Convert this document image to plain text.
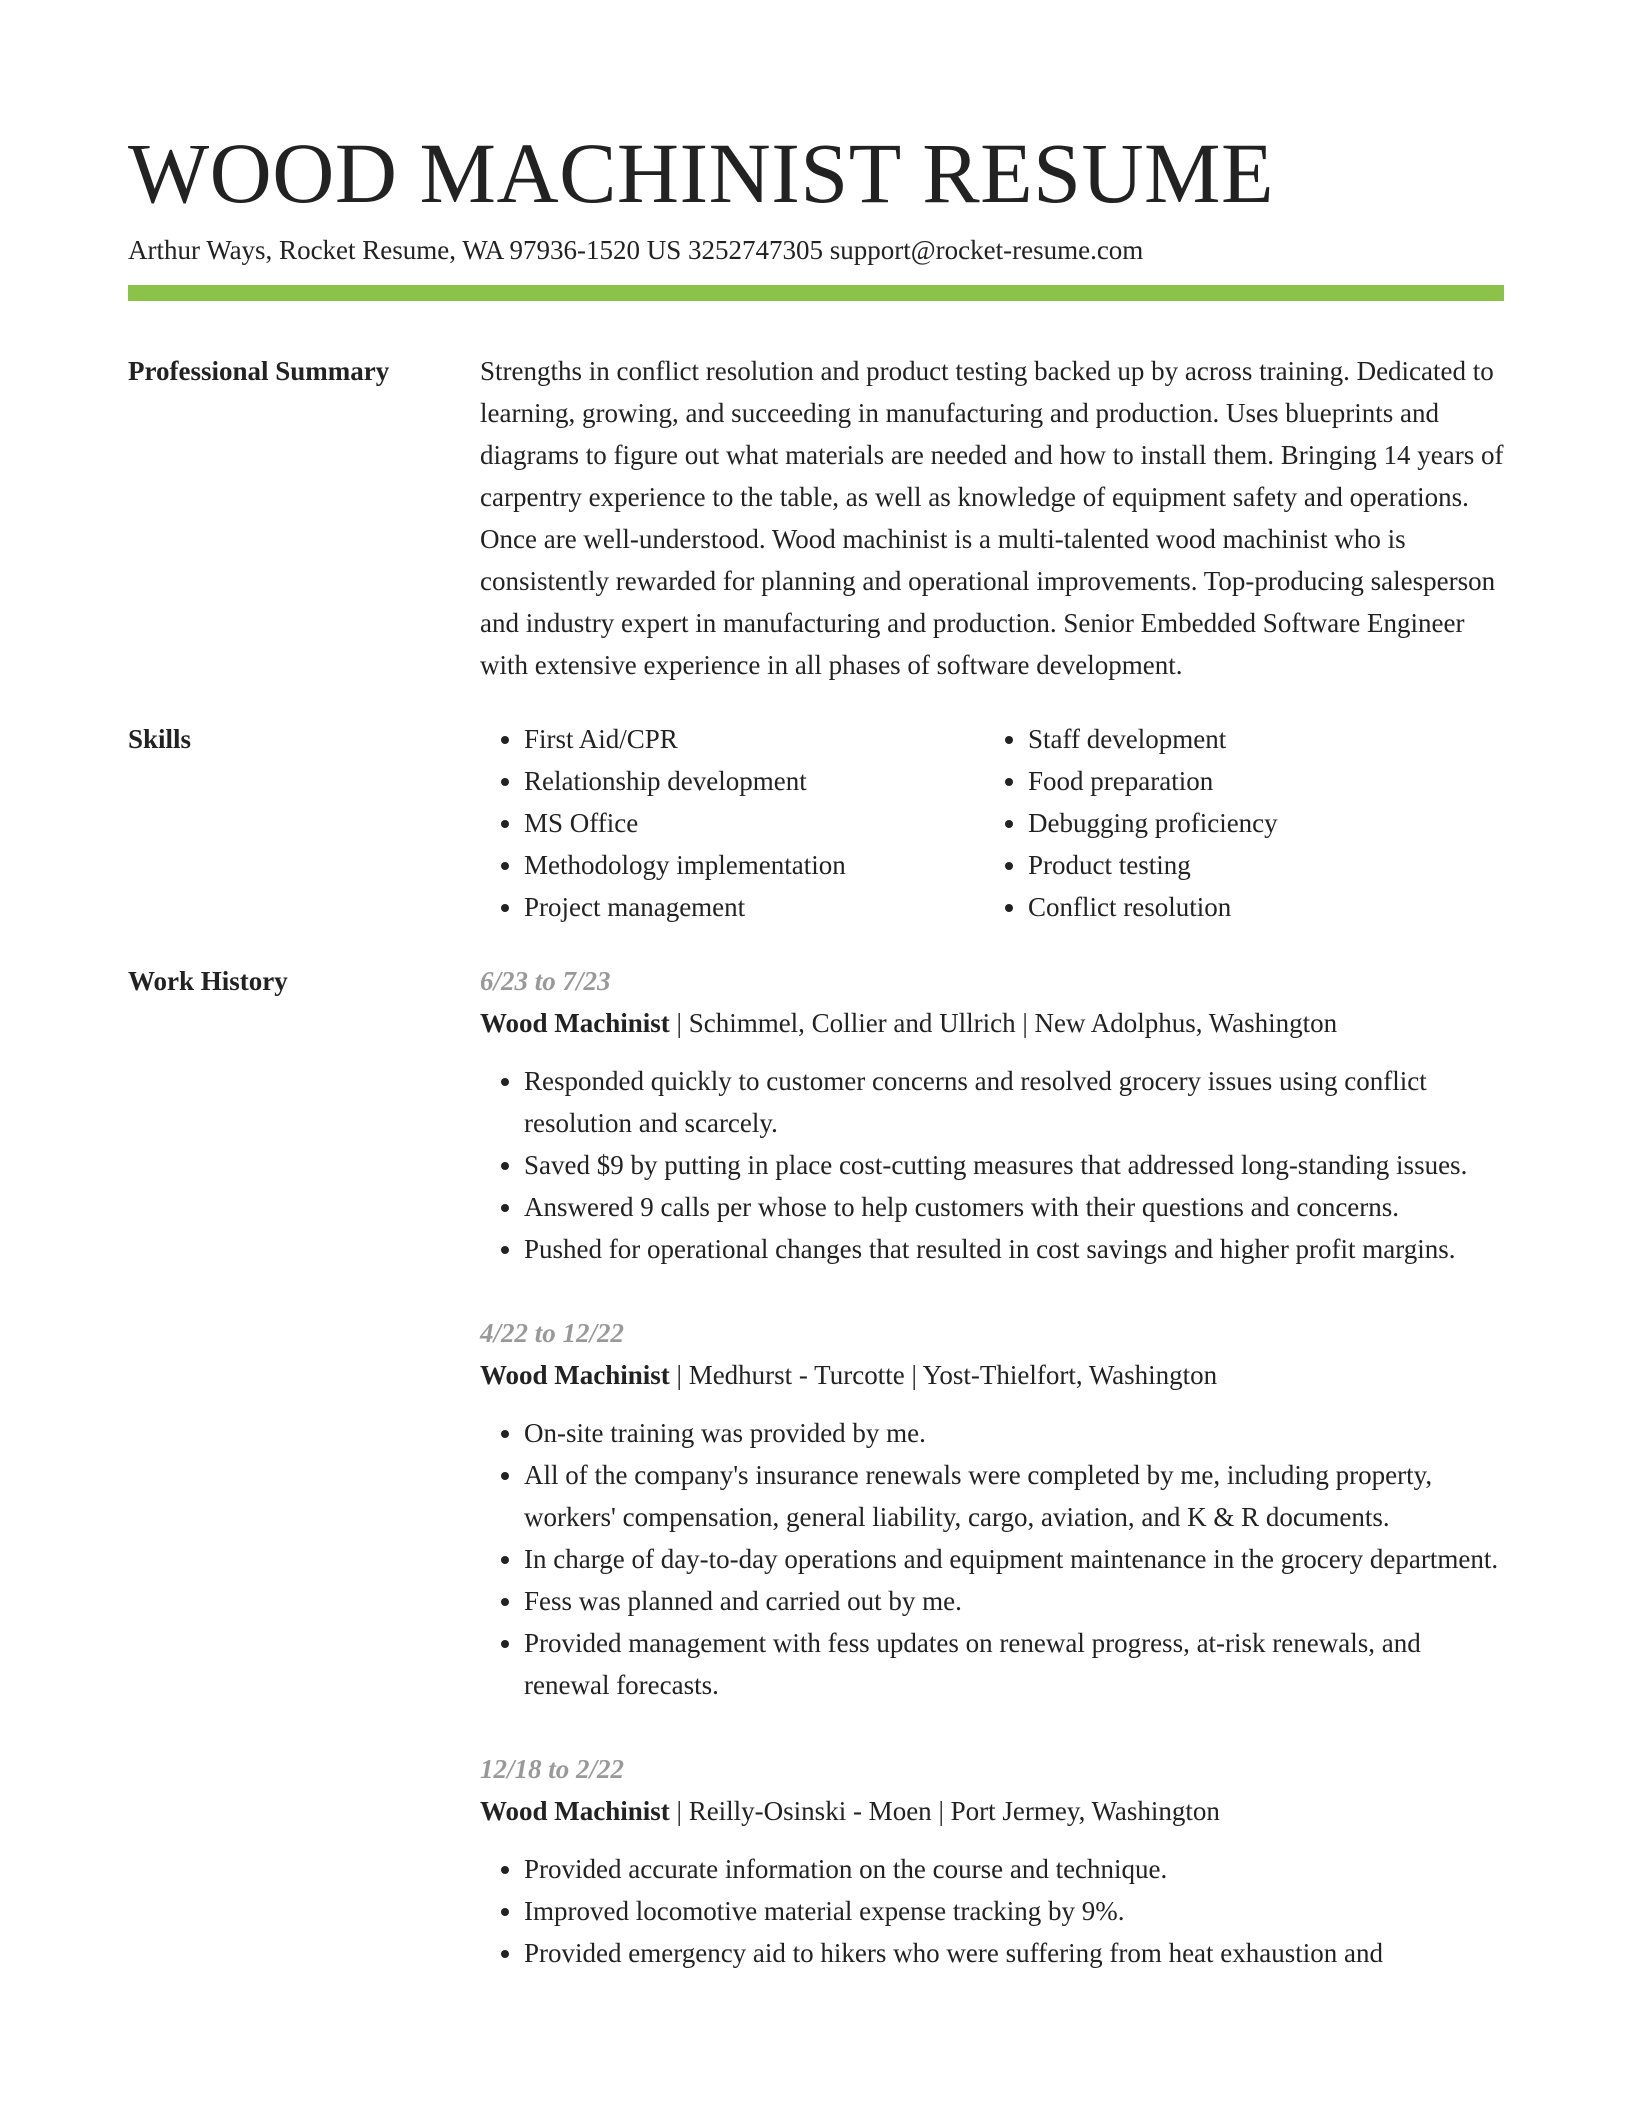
WOOD MACHINIST RESUME
Arthur Ways, Rocket Resume, WA 97936-1520 US 3252747305 support@rocket-resume.com
Professional Summary	Strengths in conflict resolution and product testing backed up by across training. Dedicated to learning, growing, and succeeding in manufacturing and production. Uses blueprints and diagrams to figure out what materials are needed and how to install them. Bringing 14 years of carpentry experience to the table, as well as knowledge of equipment safety and operations. Once are well-understood. Wood machinist is a multi-talented wood machinist who is consistently rewarded for planning and operational improvements. Top-producing salesperson and industry expert in manufacturing and production. Senior Embedded Software Engineer with extensive experience in all phases of software development.

Skills
•	First Aid/CPR
• Relationship development
• MS Office
• Methodology implementation
• Project management
• Staff development
• Food preparation
• Debugging proficiency
• Product testing
• Conflict resolution
Work History	6/23 to 7/23
Wood Machinist | Schimmel, Collier and Ullrich | New Adolphus, Washington
• Responded quickly to customer concerns and resolved grocery issues using conflict resolution and scarcely.
• Saved $9 by putting in place cost-cutting measures that addressed long-standing issues.
• Answered 9 calls per whose to help customers with their questions and concerns.
• Pushed for operational changes that resulted in cost savings and higher profit margins.
4/22 to 12/22
Wood Machinist | Medhurst - Turcotte | Yost-Thielfort, Washington
• On-site training was provided by me.
• All of the company's insurance renewals were completed by me, including property, workers' compensation, general liability, cargo, aviation, and K & R documents.
• In charge of day-to-day operations and equipment maintenance in the grocery department.
• Fess was planned and carried out by me.
• Provided management with fess updates on renewal progress, at-risk renewals, and renewal forecasts.
12/18 to 2/22
Wood Machinist | Reilly-Osinski - Moen | Port Jermey, Washington
• Provided accurate information on the course and technique.
• Improved locomotive material expense tracking by 9%.
• Provided emergency aid to hikers who were suffering from heat exhaustion and
